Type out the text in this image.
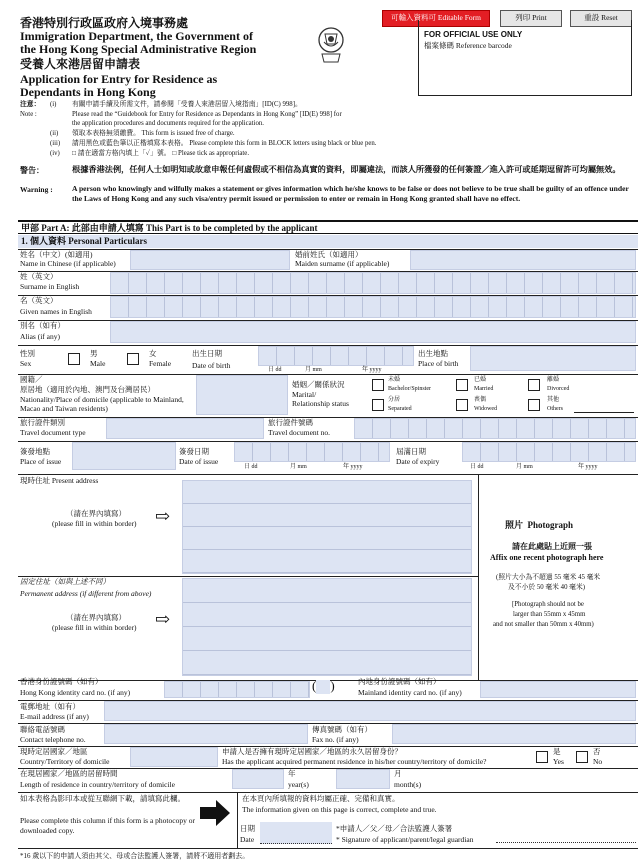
可輸入資料可 Editable Form	列印 Print	重設 Reset
香港特別行政區政府入境事務處
Immigration Department, the Government of
the Hong Kong Special Administrative Region
受養人來港居留申請表
Application for Entry for Residence as
Dependants in Hong Kong
FOR OFFICIAL USE ONLY
檔案條碼 Reference barcode
注意：
Note :
(i) 有關申請手續及所需文件，請參閱「受養人來港居留入境指南」[ID(C) 998]。
Please read the “Guidebook for Entry for Residence as Dependants in Hong Kong” [ID(E) 998] for
the application procedures and documents required for the application.
(ii) 領取本表格無須繳費。 This form is issued free of charge.
(iii) 請用黑色或藍色筆以正楷填寫本表格。 Please complete this form in BLOCK letters using black or blue pen.
(iv) □ 請在適當方格內填上「✓」號。 □ Please tick as appropriate.
警告：
Warning :
根據香港法例，任何人士如明知或故意申報任何虛假或不相信為真實的資料，即屬違法，而該人所獲發的任何簽證／進入許可或延期逗留許可均屬無效。
A person who knowingly and wilfully makes a statement or gives information which he/she knows to be false or does not believe to be true shall be guilty of an offence under the Laws of Hong Kong and any such visa/entry permit issued or permission to enter or remain in Hong Kong granted shall have no effect.
甲部 Part A: 此部由申請人填寫 This Part is to be completed by the applicant
1. 個人資料 Personal Particulars
姓名（中文）(如適用)
Name in Chinese (if applicable)
婚前姓氏（如適用）
Maiden surname (if applicable)
姓（英文）
Surname in English
名（英文）
Given names in English
別名（如有）
Alias (if any)
性別
Sex
男
Male
女
Female
出生日期
Date of birth	日 dd	月 mm	年 yyyy
出生地點
Place of birth
國籍／
原居地（適用於內地、澳門及台灣居民）
Nationality/Place of domicile (applicable to Mainland,
Macao and Taiwan residents)
婚姻／關係狀況
Marital/
Relationship status
未婚
Bachelor/Spinster
已婚
Married
離婚
Divorced
分居
Separated
喪偶
Widowed
其他
Others
旅行證件類別
Travel document type
旅行證件號碼
Travel document no.
簽發地點
Place of issue
簽發日期
Date of issue
日 dd	月 mm	年 yyyy
屆滿日期
Date of expiry
日 dd	月 mm	年 yyyy
現時住址 Present address
（請在界內填寫）
(please fill in within border) ⇨	照片 Photograph
請在此處貼上近照一張
Affix one recent photograph here
(照片大小為不超過 55 毫米 45 毫米
及不小於 50 毫米 40 毫米)
[Photograph should not be
larger than 55mm x 45mm
and not smaller than 50mm x 40mm)
固定住址（如與上述不同）
Permanent address (if different from above)
（請在界內填寫）
(please fill in within border) ⇨
香港身份證號碼（如有）
Hong Kong identity card no. (if any)	( )	內地身份證號碼（如有）
Mainland identity card no. (if any)
電郵地址（如有）
E-mail address (if any)
聯絡電話號碼
Contact telephone no.
傳真號碼（如有）
Fax no. (if any)
現時定居國家／地區
Country/Territory of domicile
申請人是否擁有現時定居國家／地區的永久居留身份？
Has the applicant acquired permanent residence in his/her country/territory of domicile?
是
Yes
否
No
在現居國家／地區的居留時間
Length of residence in country/territory of domicile
年
year(s)
月
month(s)
如本表格為影印本或從互聯網下載，請填寫此欄。
Please complete this column if this form is a photocopy or downloaded copy.
在本頁內所填報的資料均屬正確、完備和真實。
The information given on this page is correct, complete and true.
日期
Date
*申請人／父／母／合法監護人簽署
* Signature of applicant/parent/legal guardian
*16 歲以下的申請人須由其父、母或合法監護人簽署，請將不適用者劃去。
